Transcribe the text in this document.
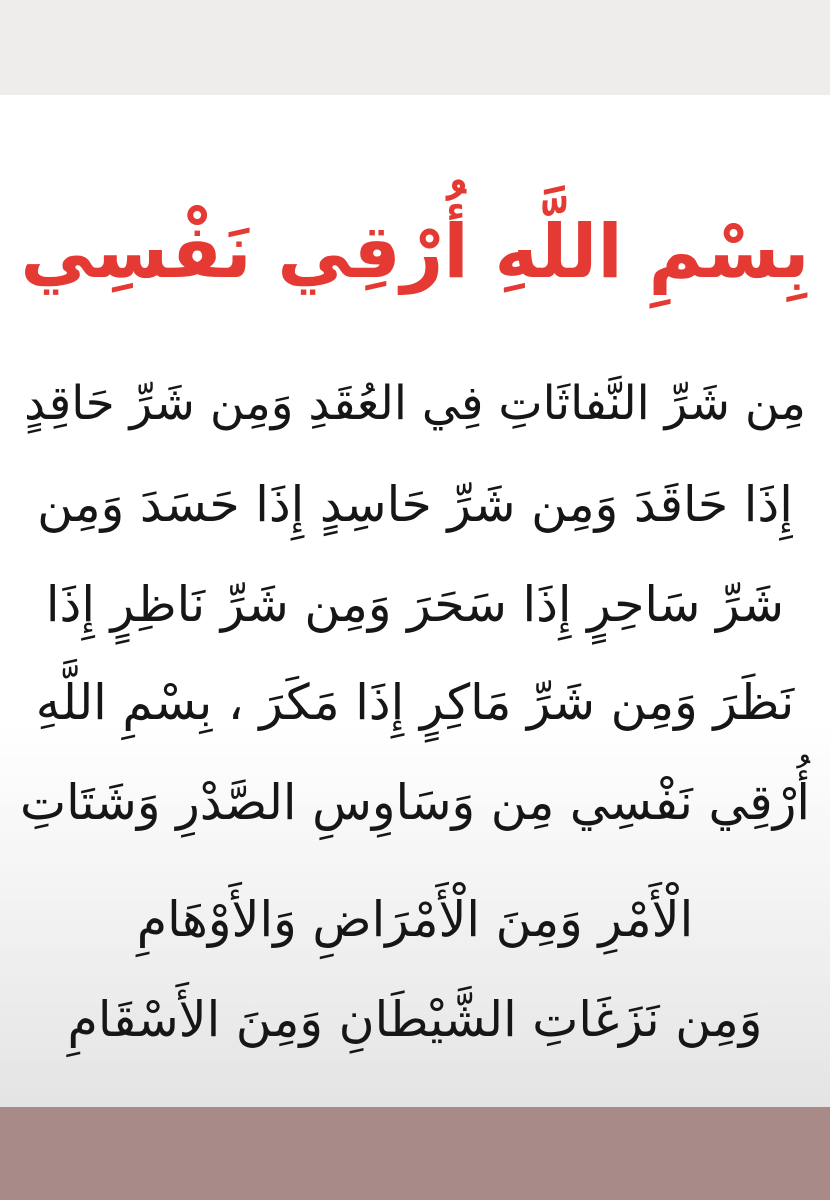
بِسْمِ اللَّهِ أُرْقِي نَفْسِي
مِن شَرِّ النَّفاثَاتِ فِي العُقَدِ وَمِن شَرِّ حَاقِدٍ
إِذَا حَاقَدَ وَمِن شَرِّ حَاسِدٍ إِذَا حَسَدَ وَمِن
شَرِّ سَاحِرٍ إِذَا سَحَرَ وَمِن شَرِّ نَاظِرٍ إِذَا
نَظَرَ وَمِن شَرِّ مَاكِرٍ إِذَا مَكَرَ ، بِسْمِ اللَّهِ
أُرْقِي نَفْسِي مِن وَسَاوِسِ الصَّدْرِ وَشَتَاتِ
الْأَمْرِ وَمِنَ الْأَمْرَاضِ وَالأَوْهَامِ
وَمِن نَزَغَاتِ الشَّيْطَانِ وَمِنَ الأَسْقَامِ
